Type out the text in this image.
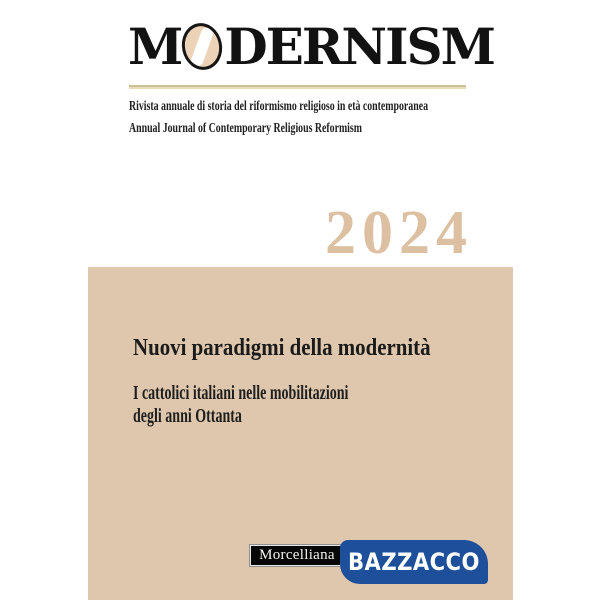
M DERNISM
Rivista annuale di storia del riformismo religioso in età contemporanea
Annual Journal of Contemporary Religious Reformism
2024
Nuovi paradigmi della modernità
I cattolici italiani nelle mobilitazioni
degli anni Ottanta
Morcelliana BAZZACCO
